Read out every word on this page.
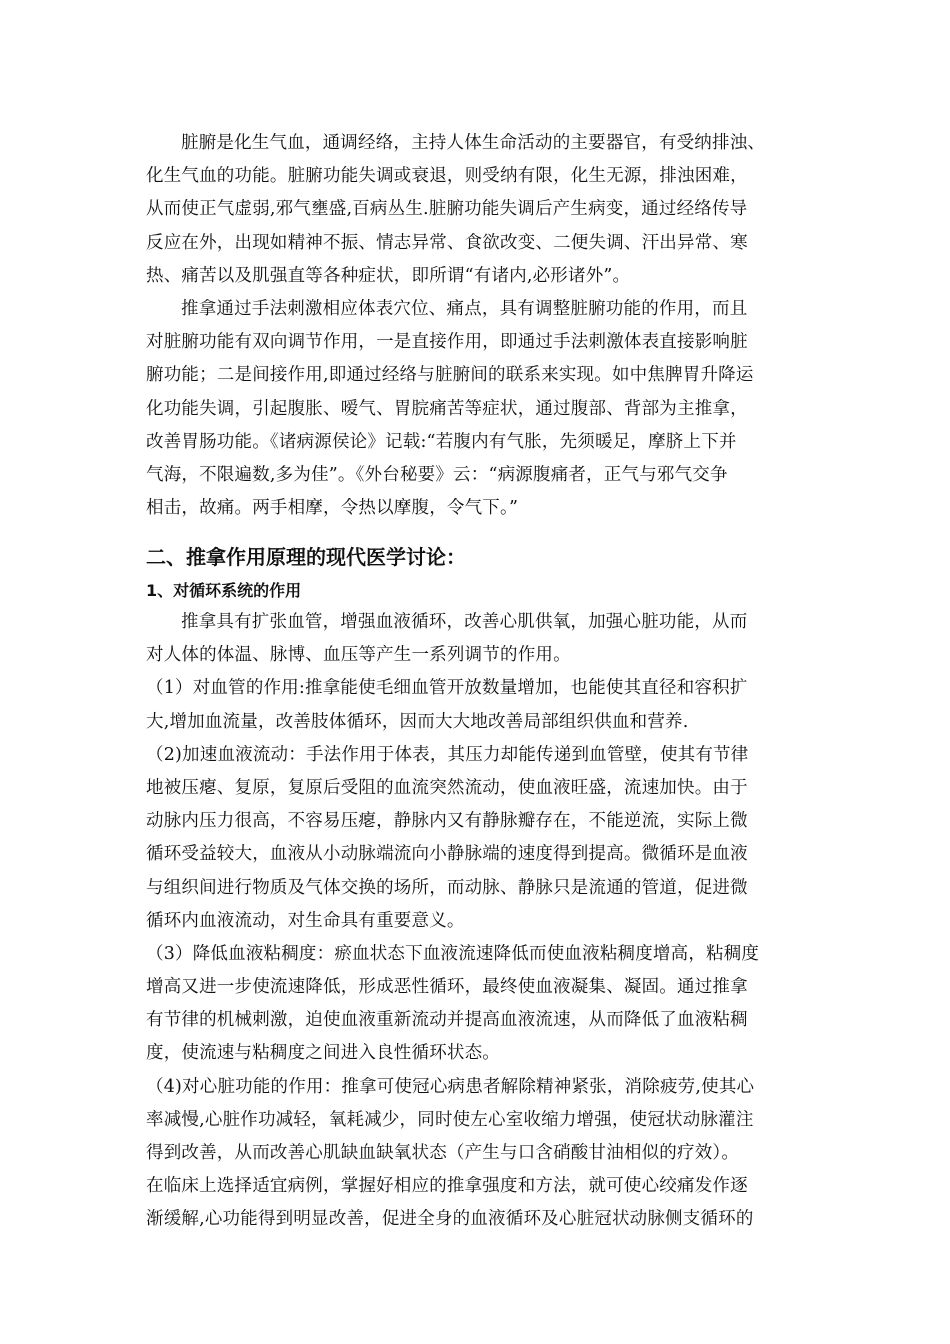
脏腑是化生气血，通调经络，主持人体生命活动的主要器官，有受纳排浊、
化生气血的功能。脏腑功能失调或衰退，则受纳有限，化生无源，排浊困难，
从而使正气虚弱,邪气壅盛,百病丛生.脏腑功能失调后产生病变，通过经络传导
反应在外，出现如精神不振、情志异常、食欲改变、二便失调、汗出异常、寒
热、痛苦以及肌强直等各种症状，即所谓“有诸内,必形诸外”。
推拿通过手法刺激相应体表穴位、痛点，具有调整脏腑功能的作用，而且
对脏腑功能有双向调节作用，一是直接作用，即通过手法刺激体表直接影响脏
腑功能；二是间接作用,即通过经络与脏腑间的联系来实现。如中焦脾胃升降运
化功能失调，引起腹胀、嗳气、胃脘痛苦等症状，通过腹部、背部为主推拿，
改善胃肠功能。《诸病源侯论》记载:“若腹内有气胀，先须暖足，摩脐上下并
气海，不限遍数,多为佳”。《外台秘要》云：“病源腹痛者，正气与邪气交争
相击，故痛。两手相摩，令热以摩腹，令气下。”
二、推拿作用原理的现代医学讨论：
1、对循环系统的作用
推拿具有扩张血管，增强血液循环，改善心肌供氧，加强心脏功能，从而
对人体的体温、脉博、血压等产生一系列调节的作用。
（1）对血管的作用:推拿能使毛细血管开放数量增加，也能使其直径和容积扩
大,增加血流量，改善肢体循环，因而大大地改善局部组织供血和营养.
（2)加速血液流动：手法作用于体表，其压力却能传递到血管壁，使其有节律
地被压瘪、复原，复原后受阻的血流突然流动，使血液旺盛，流速加快。由于
动脉内压力很高，不容易压瘪，静脉内又有静脉瓣存在，不能逆流，实际上微
循环受益较大，血液从小动脉端流向小静脉端的速度得到提高。微循环是血液
与组织间进行物质及气体交换的场所，而动脉、静脉只是流通的管道，促进微
循环内血液流动，对生命具有重要意义。
（3）降低血液粘稠度：瘀血状态下血液流速降低而使血液粘稠度增高，粘稠度
增高又进一步使流速降低，形成恶性循环，最终使血液凝集、凝固。通过推拿
有节律的机械刺激，迫使血液重新流动并提高血液流速，从而降低了血液粘稠
度，使流速与粘稠度之间进入良性循环状态。
（4)对心脏功能的作用：推拿可使冠心病患者解除精神紧张，消除疲劳,使其心
率减慢,心脏作功减轻，氧耗减少，同时使左心室收缩力增强，使冠状动脉灌注
得到改善，从而改善心肌缺血缺氧状态（产生与口含硝酸甘油相似的疗效）。
在临床上选择适宜病例，掌握好相应的推拿强度和方法，就可使心绞痛发作逐
渐缓解,心功能得到明显改善，促进全身的血液循环及心脏冠状动脉侧支循环的
